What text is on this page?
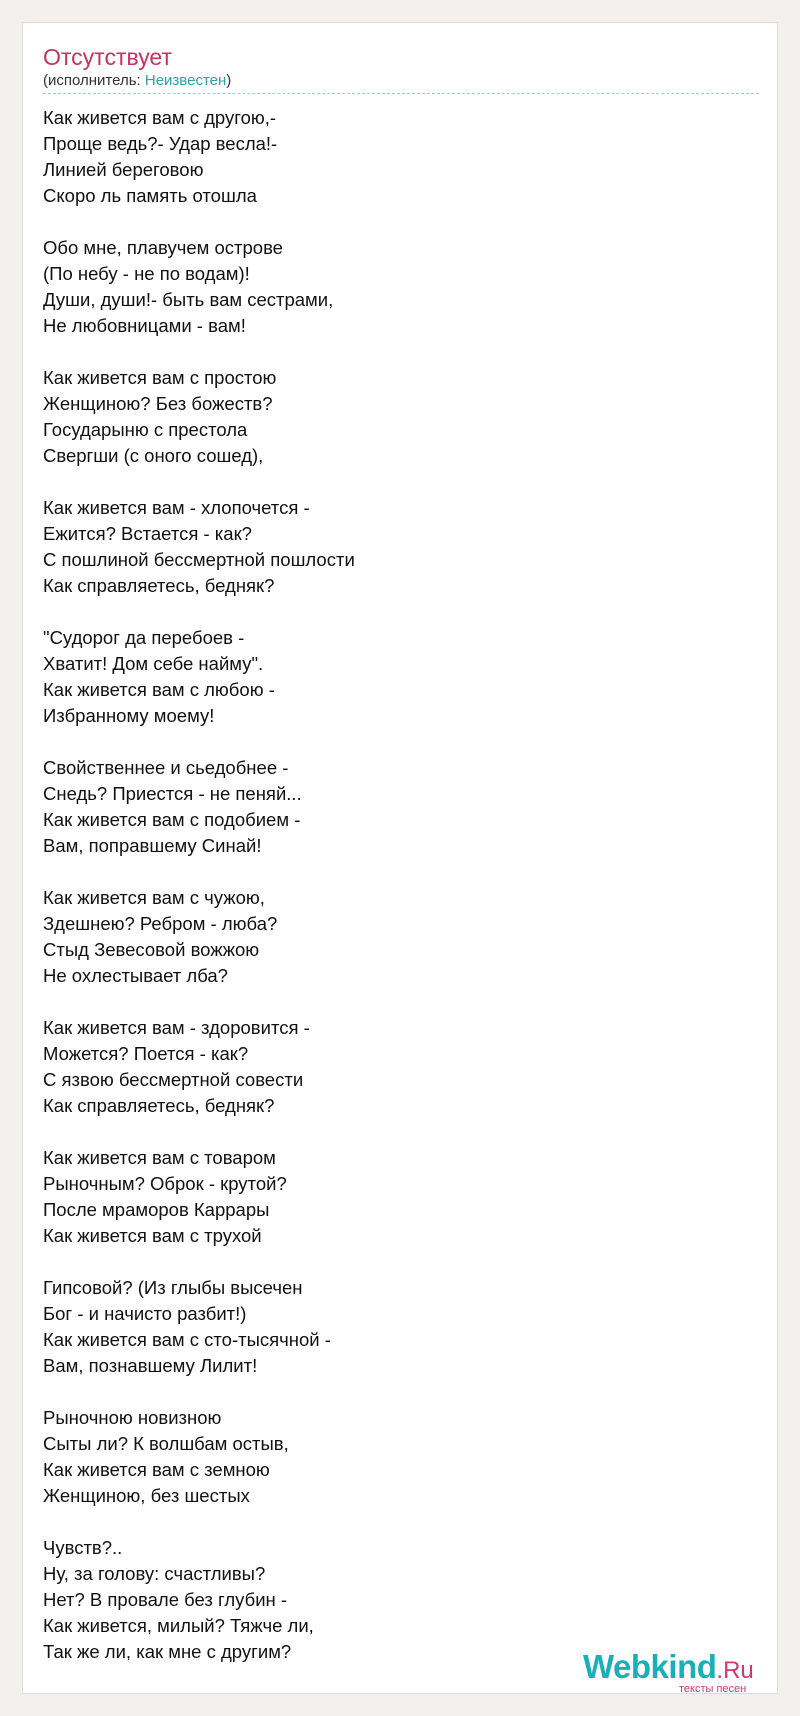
Отсутствует
(исполнитель: Неизвестен)
Как живется вам с другою,-
Проще ведь?- Удар весла!-
Линией береговою
Скоро ль память отошла
Обо мне, плавучем острове
(По небу - не по водам)!
Души, души!- быть вам сестрами,
Не любовницами - вам!
Как живется вам с простою
Женщиною? Без божеств?
Государыню с престола
Свергши (с оного сошед),
Как живется вам - хлопочется -
Ежится? Встается - как?
С пошлиной бессмертной пошлости
Как справляетесь, бедняк?
"Судорог да перебоев -
Хватит! Дом себе найму".
Как живется вам с любою -
Избранному моему!
Свойственнее и сьедобнее -
Снедь? Приестся - не пеняй...
Как живется вам с подобием -
Вам, поправшему Синай!
Как живется вам с чужою,
Здешнею? Ребром - люба?
Стыд Зевесовой вожжою
Не охлестывает лба?
Как живется вам - здоровится -
Можется? Поется - как?
С язвою бессмертной совести
Как справляетесь, бедняк?
Как живется вам с товаром
Рыночным? Оброк - крутой?
После мраморов Каррары
Как живется вам с трухой
Гипсовой? (Из глыбы высечен
Бог - и начисто разбит!)
Как живется вам с сто-тысячной -
Вам, познавшему Лилит!
Рыночною новизною
Сыты ли? К волшбам остыв,
Как живется вам с земною
Женщиною, без шестых
Чувств?..
Ну, за голову: счастливы?
Нет? В провале без глубин -
Как живется, милый? Тяжче ли,
Так же ли, как мне с другим?	Webkind.Ru
тексты песен
